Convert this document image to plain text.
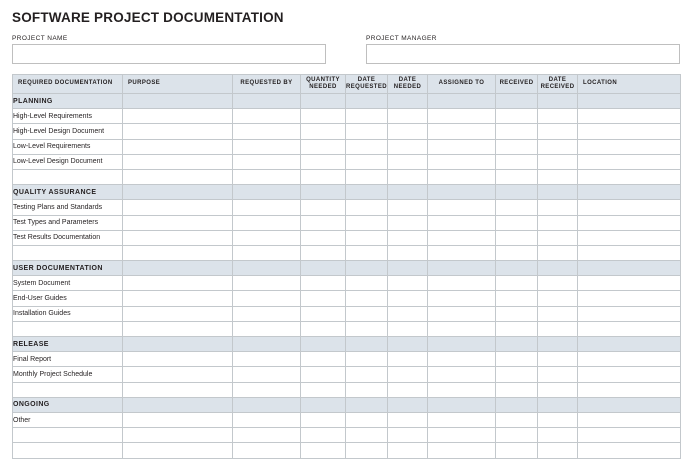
SOFTWARE PROJECT DOCUMENTATION
PROJECT NAME	PROJECT MANAGER
REQUIRED DOCUMENTATION	PURPOSE	REQUESTED BY	QUANTITY NEEDED	DATE REQUESTED	DATE NEEDED	ASSIGNED TO	RECEIVED	DATE RECEIVED	LOCATION
PLANNING									
High-Level Requirements									
High-Level Design Document									
Low-Level Requirements									
Low-Level Design Document									

QUALITY ASSURANCE									
Testing Plans and Standards									
Test Types and Parameters									
Test Results Documentation									

USER DOCUMENTATION									
System Document									
End-User Guides									
Installation Guides									

RELEASE									
Final Report									
Monthly Project Schedule									

ONGOING									
Other									
